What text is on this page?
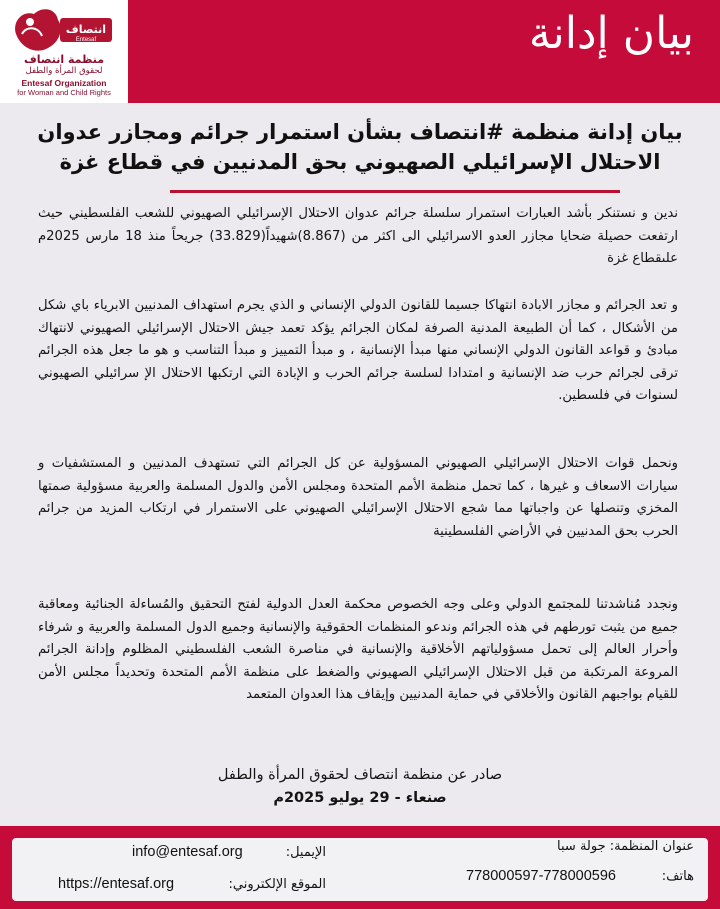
انتصاف
Entesaf
منظمة انتصاف
لحقوق المرأة والطفل
Entesaf Organization
for Woman and Child Rights
بيان إدانة
بيان إدانة منظمة #انتصاف بشأن استمرار جرائم ومجازر عدوان
الاحتلال الإسرائيلي الصهيوني بحق المدنيين في قطاع غزة

ندين و نستنكر بأشد العبارات استمرار سلسلة جرائم عدوان الاحتلال الإسرائيلي الصهيوني للشعب الفلسطيني حيث ارتفعت حصيلة ضحايا مجازر العدو الاسرائيلي الى اكثر من (8.867)شهيداً(33.829) جريحاً منذ 18 مارس 2025م علىقطاع غزة

و تعد الجرائم و مجازر الابادة انتهاكا جسيما للقانون الدولي الإنساني و الذي يجرم استهداف المدنيين الابرياء باي شكل من الأشكال ، كما أن الطبيعة المدنية الصرفة لمكان الجرائم يؤكد تعمد جيش الاحتلال الإسرائيلي الصهيوني لانتهاك مبادئ و قواعد القانون الدولي الإنساني منها مبدأ الإنسانية ، و مبدأ التمييز و مبدأ التناسب و هو ما جعل هذه الجرائم ترقى لجرائم حرب ضد الإنسانية و امتدادا لسلسة جرائم الحرب و الإبادة التي ارتكبها الاحتلال الإ سرائيلي الصهيوني لسنوات في فلسطين.

ونحمل قوات الاحتلال الإسرائيلي الصهيوني المسؤولية عن كل الجرائم التي تستهدف المدنيين و المستشفيات و سيارات الاسعاف و غيرها ، كما تحمل منظمة الأمم المتحدة ومجلس الأمن والدول المسلمة والعربية مسؤولية صمتها المخزي وتنصلها عن واجباتها مما شجع الاحتلال الإسرائيلي الصهيوني على الاستمرار في ارتكاب المزيد من جرائم الحرب بحق المدنيين في الأراضي الفلسطينية

ونجدد مُناشدتنا للمجتمع الدولي وعلى وجه الخصوص محكمة العدل الدولية لفتح التحقيق والمُساءلة الجنائية ومعاقبة جميع من يثبت تورطهم في هذه الجرائم وندعو المنظمات الحقوقية والإنسانية وجميع الدول المسلمة والعربية و شرفاء وأحرار العالم إلى تحمل مسؤولياتهم الأخلاقية والإنسانية في مناصرة الشعب الفلسطيني المظلوم وإدانة الجرائم المروعة المرتكبة من قبل الاحتلال الإسرائيلي الصهيوني والضغط على منظمة الأمم المتحدة وتحديداً مجلس الأمن للقيام بواجبهم القانون والأخلاقي في حماية المدنيين وإيقاف هذا العدوان المتعمد

صادر عن منظمة انتصاف لحقوق المرأة والطفل
صنعاء - 29 يوليو 2025م
عنوان المنظمة: جولة سبا
هاتف:
778000597-778000596
الإيميل:
info@entesaf.org
الموقع الإلكتروني:
https://entesaf.org
